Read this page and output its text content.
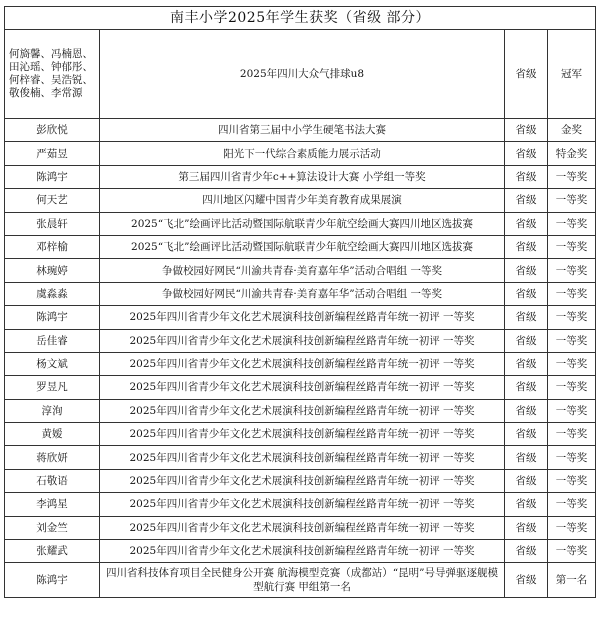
南丰小学2025年学生获奖（省级 部分）			
何旖馨、冯楠恩、田沁瑶、钟郁彤、何梓睿、吴浩锐、敬俊楠、李常源	2025年四川大众气排球u8	省级	冠军
彭欣悦	四川省第三届中小学生硬笔书法大赛	省级	金奖
严茹昱	阳光下一代综合素质能力展示活动	省级	特金奖
陈鸿宇	第三届四川省青少年c++算法设计大赛 小学组一等奖	省级	一等奖
何天艺	四川地区闪耀中国青少年美育教育成果展演	省级	一等奖
张晨轩	2025“飞北”绘画评比活动暨国际航联青少年航空绘画大赛四川地区选拔赛	省级	一等奖
邓梓榆	2025“飞北”绘画评比活动暨国际航联青少年航空绘画大赛四川地区选拔赛	省级	一等奖
林琬婷	争做校园好网民“川渝共青春·美育嘉年华”活动合唱组 一等奖	省级	一等奖
虞淼淼	争做校园好网民“川渝共青春·美育嘉年华”活动合唱组 一等奖	省级	一等奖
陈鸿宇	2025年四川省青少年文化艺术展演科技创新编程丝路青年统一初评 一等奖	省级	一等奖
岳佳睿	2025年四川省青少年文化艺术展演科技创新编程丝路青年统一初评 一等奖	省级	一等奖
杨文斌	2025年四川省青少年文化艺术展演科技创新编程丝路青年统一初评 一等奖	省级	一等奖
罗昱凡	2025年四川省青少年文化艺术展演科技创新编程丝路青年统一初评 一等奖	省级	一等奖
淳洵	2025年四川省青少年文化艺术展演科技创新编程丝路青年统一初评 一等奖	省级	一等奖
黄嫒	2025年四川省青少年文化艺术展演科技创新编程丝路青年统一初评 一等奖	省级	一等奖
蒋欣妍	2025年四川省青少年文化艺术展演科技创新编程丝路青年统一初评 一等奖	省级	一等奖
石敬语	2025年四川省青少年文化艺术展演科技创新编程丝路青年统一初评 一等奖	省级	一等奖
李鸿星	2025年四川省青少年文化艺术展演科技创新编程丝路青年统一初评 一等奖	省级	一等奖
刘金竺	2025年四川省青少年文化艺术展演科技创新编程丝路青年统一初评 一等奖	省级	一等奖
张耀武	2025年四川省青少年文化艺术展演科技创新编程丝路青年统一初评 一等奖	省级	一等奖
陈鸿宇	四川省科技体育项目全民健身公开赛 航海模型竞赛（成都站）“昆明”号导弹驱逐舰模型航行赛 甲组第一名	省级	第一名
